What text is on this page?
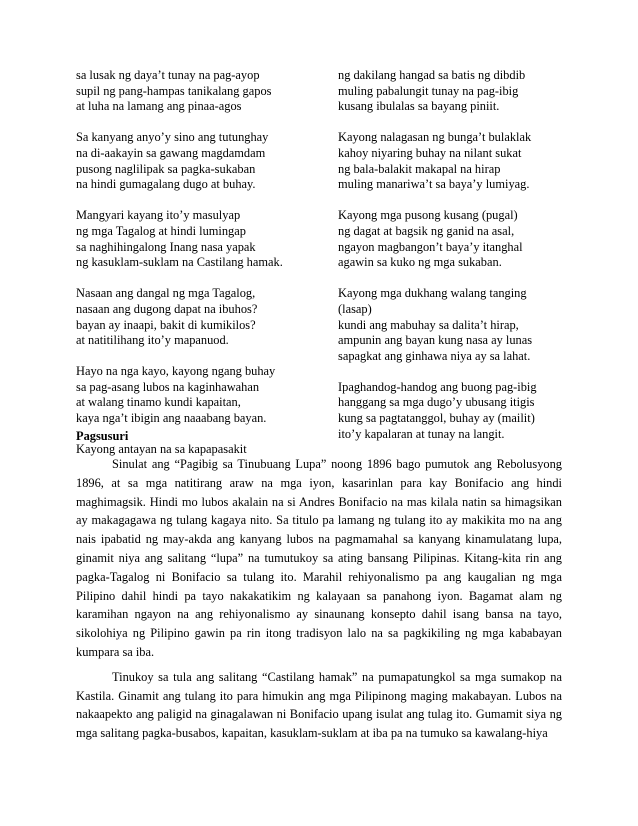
sa lusak ng daya’t tunay na pag-ayop
supil ng pang-hampas tanikalang gapos
at luha na lamang ang pinaa-agos
Sa kanyang anyo’y sino ang tutunghay
na di-aakayin sa gawang magdamdam
pusong naglilipak sa pagka-sukaban
na hindi gumagalang dugo at buhay.
Mangyari kayang ito’y masulyap
ng mga Tagalog at hindi lumingap
sa naghihingalong Inang nasa yapak
ng kasuklam-suklam na Castilang hamak.
Nasaan ang dangal ng mga Tagalog,
nasaan ang dugong dapat na ibuhos?
bayan ay inaapi, bakit di kumikilos?
at natitilihang ito’y mapanuod.
Hayo na nga kayo, kayong ngang buhay
sa pag-asang lubos na kaginhawahan
at walang tinamo kundi kapaitan,
kaya nga’t ibigin ang naaabang bayan.
Kayong antayan na sa kapapasakit
ng dakilang hangad sa batis ng dibdib
muling pabalungit tunay na pag-ibig
kusang ibulalas sa bayang piniit.
Kayong nalagasan ng bunga’t bulaklak
kahoy niyaring buhay na nilant sukat
ng bala-balakit makapal na hirap
muling manariwa’t sa baya’y lumiyag.
Kayong mga pusong kusang (pugal)
ng dagat at bagsik ng ganid na asal,
ngayon magbangon’t baya’y itanghal
agawin sa kuko ng mga sukaban.
Kayong mga dukhang walang tanging
(lasap)
kundi ang mabuhay sa dalita’t hirap,
ampunin ang bayan kung nasa ay lunas
sapagkat ang ginhawa niya ay sa lahat.
Ipaghandog-handog ang buong pag-ibig
hanggang sa mga dugo’y ubusang itigis
kung sa pagtatanggol, buhay ay (mailit)
ito’y kapalaran at tunay na langit.
Pagsusuri

Sinulat ang “Pagibig sa Tinubuang Lupa” noong 1896 bago pumutok ang Rebolusyong 1896, at sa mga natitirang araw na mga iyon, kasarinlan para kay Bonifacio ang hindi maghimagsik. Hindi mo lubos akalain na si Andres Bonifacio na mas kilala natin sa himagsikan ay makagagawa ng tulang kagaya nito. Sa titulo pa lamang ng tulang ito ay makikita mo na ang nais ipabatid ng may-akda ang kanyang lubos na pagmamahal sa kanyang kinamulatang lupa, ginamit niya ang salitang “lupa” na tumutukoy sa ating bansang Pilipinas. Kitang-kita rin ang pagka-Tagalog ni Bonifacio sa tulang ito. Marahil rehiyonalismo pa ang kaugalian ng mga Pilipino dahil hindi pa tayo nakakatikim ng kalayaan sa panahong iyon. Bagamat alam ng karamihan ngayon na ang rehiyonalismo ay sinaunang konsepto dahil isang bansa na tayo, sikolohiya ng Pilipino gawin pa rin itong tradisyon lalo na sa pagkikiling ng mga kababayan kumpara sa iba.

Tinukoy sa tula ang salitang “Castilang hamak” na pumapatungkol sa mga sumakop na Kastila. Ginamit ang tulang ito para himukin ang mga Pilipinong maging makabayan. Lubos na nakaapekto ang paligid na ginagalawan ni Bonifacio upang isulat ang tulag ito. Gumamit siya ng mga salitang pagka-busabos, kapaitan, kasuklam-suklam at iba pa na tumuko sa kawalang-hiya
